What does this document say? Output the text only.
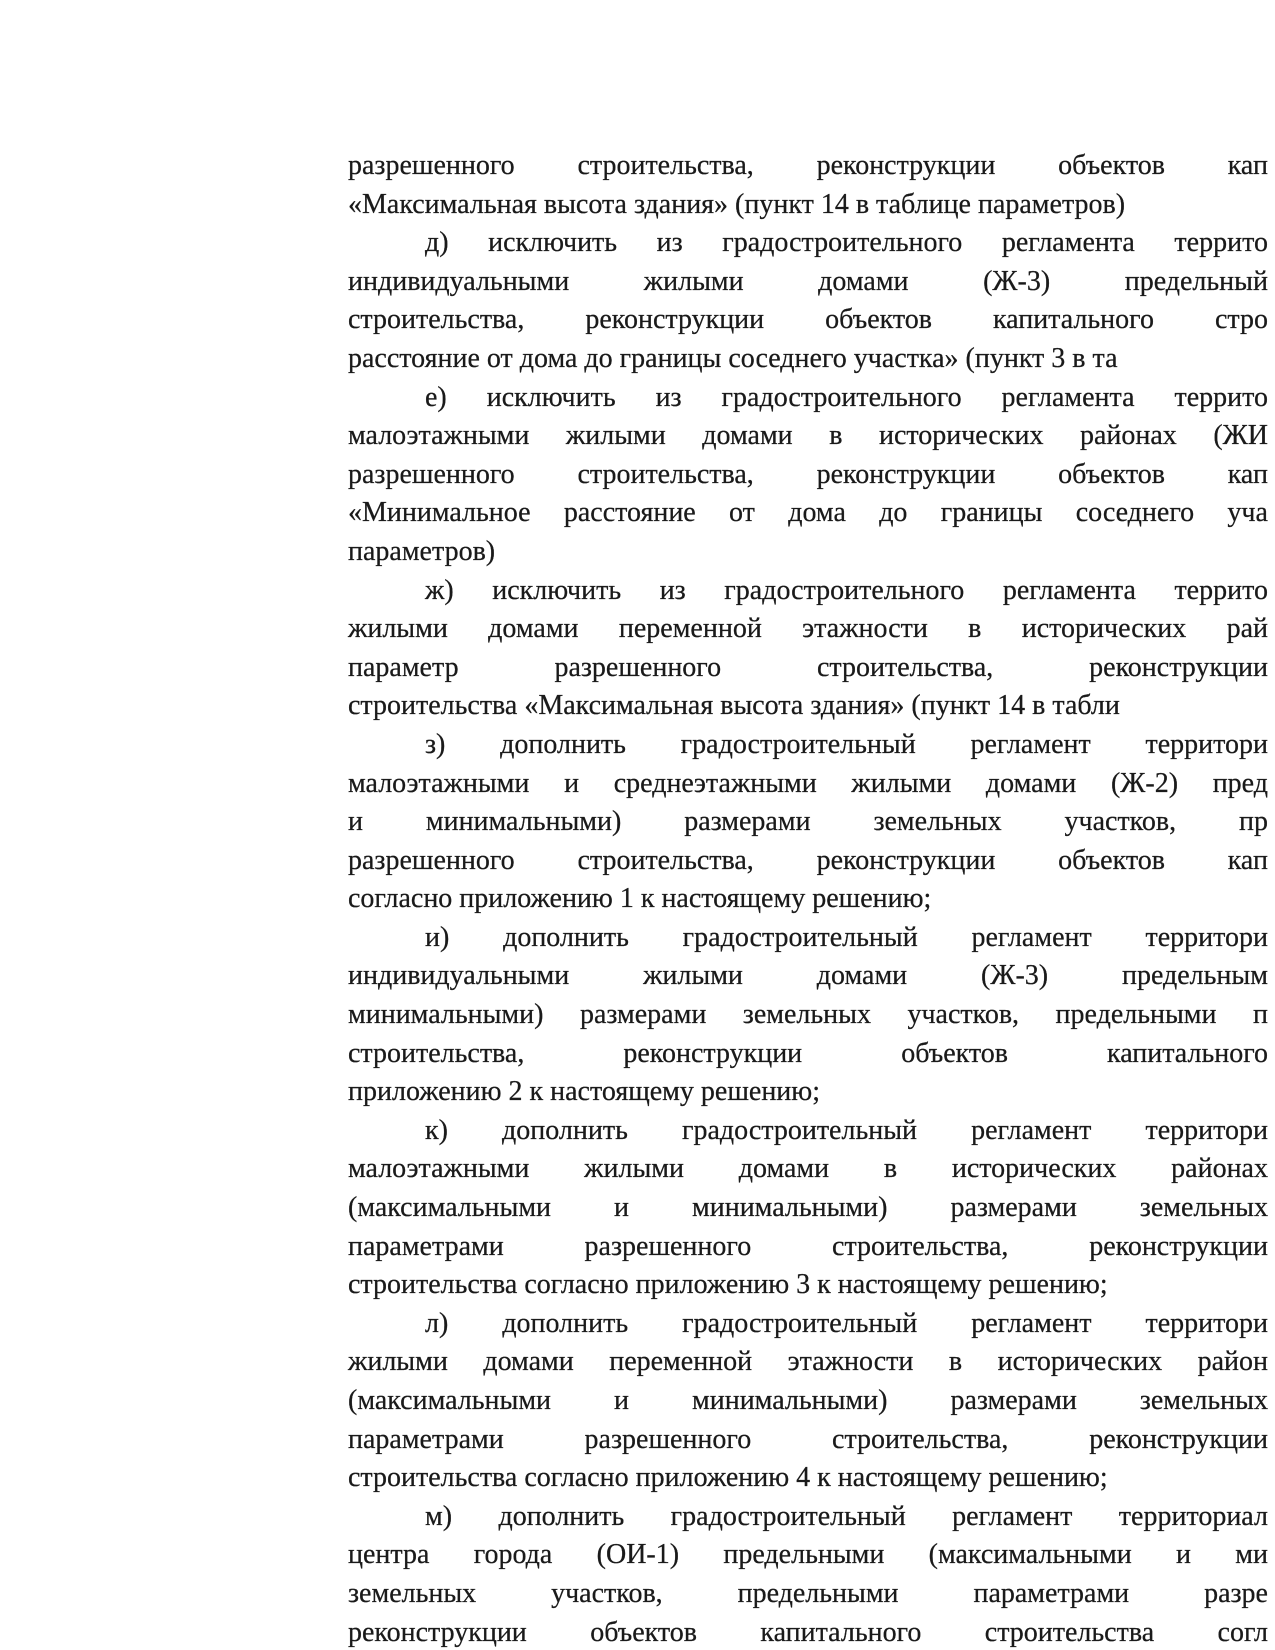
разрешенного строительства, реконструкции объектов кап
«Максимальная высота здания» (пункт 14 в таблице параметров)
д) исключить из градостроительного регламента террито
индивидуальными	жилыми	домами	(Ж-3)	предельный
строительства, реконструкции объектов капитального стро
расстояние от дома до границы соседнего участка» (пункт 3 в та
е) исключить из градостроительного регламента террито
малоэтажными жилыми домами в исторических районах (ЖИ
разрешенного строительства, реконструкции объектов кап
«Минимальное расстояние от дома до границы соседнего уча
параметров)
ж) исключить из градостроительного регламента террито
жилыми домами переменной этажности в исторических рай
параметр	разрешенного	строительства,	реконструкции
строительства «Максимальная высота здания» (пункт 14 в табли
з) дополнить градостроительный регламент территори
малоэтажными и среднеэтажными жилыми домами (Ж-2) пред
и минимальными) размерами земельных участков, пр
разрешенного строительства, реконструкции объектов кап
согласно приложению 1 к настоящему решению;
и) дополнить градостроительный регламент территори
индивидуальными	жилыми	домами	(Ж-3)	предельным
минимальными) размерами земельных участков, предельными п
строительства,	реконструкции	объектов	капитального
приложению 2 к настоящему решению;
к) дополнить градостроительный регламент территори
малоэтажными жилыми домами в исторических районах
(максимальными и минимальными) размерами земельных
параметрами	разрешенного	строительства,	реконструкции
строительства согласно приложению 3 к настоящему решению;
л) дополнить градостроительный регламент территори
жилыми домами переменной этажности в исторических район
(максимальными и минимальными) размерами земельных
параметрами	разрешенного	строительства,	реконструкции
строительства согласно приложению 4 к настоящему решению;
м) дополнить градостроительный регламент территориал
центра города (ОИ-1) предельными (максимальными и ми
земельных	участков,	предельными	параметрами	разре
реконструкции объектов капитального строительства согл
